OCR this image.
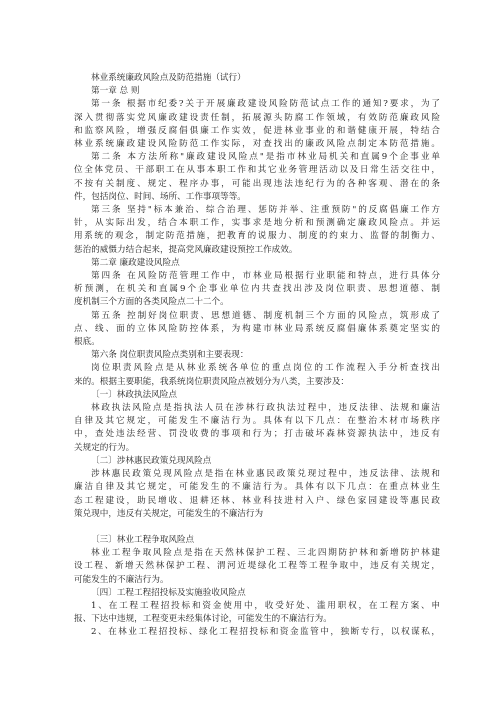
林业系统廉政风险点及防范措施（试行）
第一章 总 则
第一条 根据市纪委?关于开展廉政建设风险防范试点工作的通知?要求，为了
深入贯彻落实党风廉政建设责任制，拓展源头防腐工作领域，有效防范廉政风险
和监察风险，增强反腐倡俱廉工作实效，促进林业事业的和谐健康开展，特结合
林业系统廉政建设风险防范工作实际，对查找出的廉政风险点制定本防范措施。
第二条 本方法所称"廉政建设风险点"是指市林业局机关和直属9个企事业单
位全体党员、干部职工在从事本职工作和其它业务管理活动以及日常生活交往中，
不按有关制度、规定、程序办事，可能出现违法违纪行为的各种客观、潜在的条
件，包括岗位、时间、场所、工作事项等等。
第三条 坚持"标本兼治、综合治理、惩防并举、注重预防"的反腐倡廉工作方
针，从实际出发，结合本职工作，实事求是地分析和预测确定廉政风险点。并运
用系统的观念，制定防范措施，把教育的说服力、制度的约束力、监督的制衡力、
惩治的威慑力结合起来，提高党风廉政建设预控工作成效。
第二章 廉政建设风险点
第四条 在风险防范管理工作中，市林业局根据行业职能和特点，进行具体分
析预测，在机关和直属9个企事业单位内共查找出涉及岗位职责、思想道德、制
度机制三个方面的各类风险点二十二个。
第五条 控制好岗位职责、思想道德、制度机制三个方面的风险点，筑形成了
点、线、面的立体风险防控体系，为构建市林业局系统反腐倡廉体系奠定坚实的
根底。
第六条 岗位职责风险点类别和主要表现：
岗位职责风险点是从林业系统各单位的重点岗位的工作流程入手分析查找出
来的。根据主要职能，我系统岗位职责风险点被划分为八类，主要涉及：
〔一〕林政执法风险点
林政执法风险点是指执法人员在涉林行政执法过程中，违反法律、法规和廉洁
自律及其它规定，可能发生不廉洁行为。具体有以下几点：在整治木材市场秩序
中，查处违法经营、罚没收费的事项和行为；打击破坏森林资源执法中，违反有
关规定的行为。
〔二〕涉林惠民政策兑现风险点
涉林惠民政策兑现风险点是指在林业惠民政策兑现过程中，违反法律、法规和
廉洁自律及其它规定，可能发生的不廉洁行为。具体有以下几点：在重点林业生
态工程建设，助民增收、退耕还林、林业科技进村入户、绿色家园建设等惠民政
策兑现中，违反有关规定，可能发生的不廉洁行为
〔三〕林业工程争取风险点
林业工程争取风险点是指在天然林保护工程、三北四期防护林和新增防护林建
设工程、新增天然林保护工程、渭河近堤绿化工程等工程争取中，违反有关规定，
可能发生的不廉洁行为。
〔四〕工程工程招投标及实施验收风险点
1、在工程工程招投标和资金使用中，收受好处、滥用职权，在工程方案、申
报、下达中违规，工程变更未经集体讨论，可能发生的不廉洁行为。
2、在林业工程招投标、绿化工程招投标和资金监管中，独断专行，以权谋私，
